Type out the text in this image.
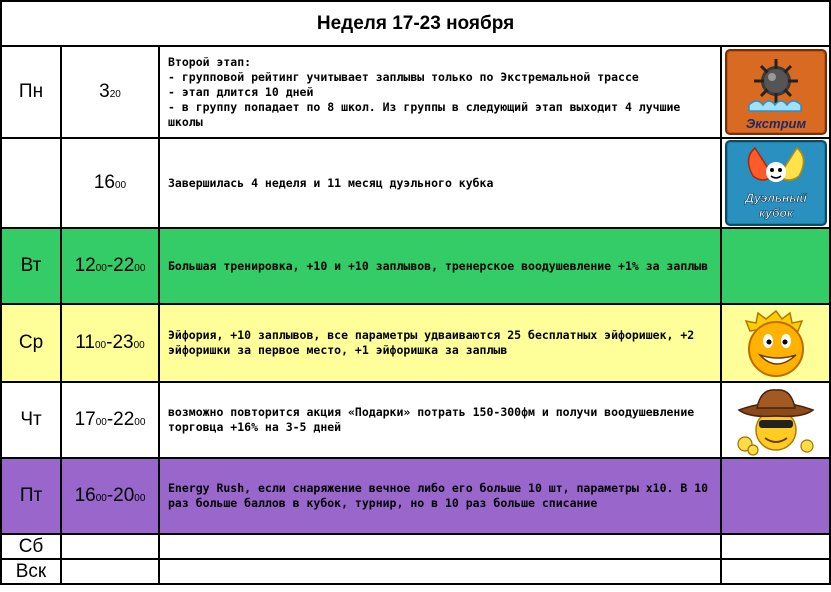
Неделя 17-23 ноября			
Пн	320	Второй этап:
- групповой рейтинг учитывает заплывы только по Экстремальной трассе
- этап длится 10 дней
- в группу попадает по 8 школ. Из группы в следующий этап выходит 4 лучшие школы	Экстрим

	1600	Завершилась 4 неделя и 11 месяц дуэльного кубка	Дуэльный
кубок

Вт	1200-2200	Большая тренировка, +10 и +10 заплывов, тренерское воодушевление +1% за заплыв	

Ср	1100-2300	Эйфория, +10 заплывов, все параметры удваиваются 25 бесплатных эйфоришек, +2 эйфоришки за первое место, +1 эйфоришка за заплыв

Чт	1700-2200	возможно повторится акция «Подарки» потрать 150-300фм и получи воодушевление торговца +16% на 3-5 дней

Пт	1600-2000	Energy Rush, если снаряжение вечное либо его больше 10 шт, параметры x10. В 10 раз больше баллов в кубок, турнир, но в 10 раз больше списание	

Сб			
Вск			
